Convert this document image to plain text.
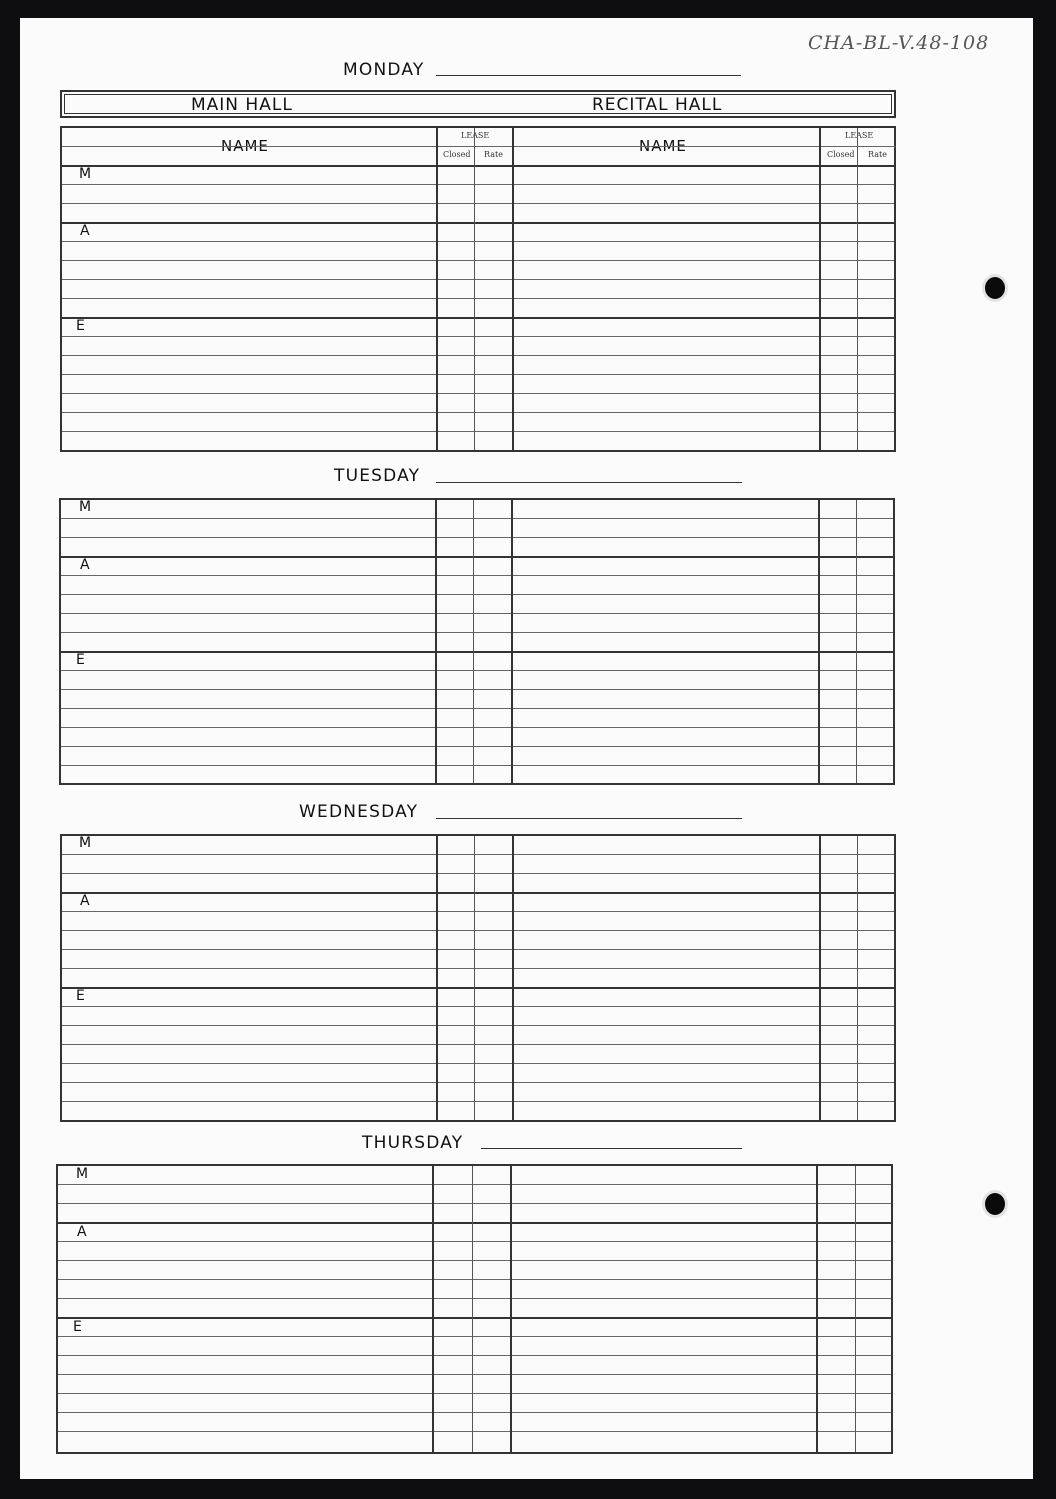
CHA-BL-V.48-108
MONDAY
TUESDAY
WEDNESDAY
THURSDAY
MAIN HALL	RECITAL HALL
NAME
LEASE
Closed Rate	NAME
LEASE
Closed Rate
M
A
E
M
A
E
M
A
E
M
A
E
